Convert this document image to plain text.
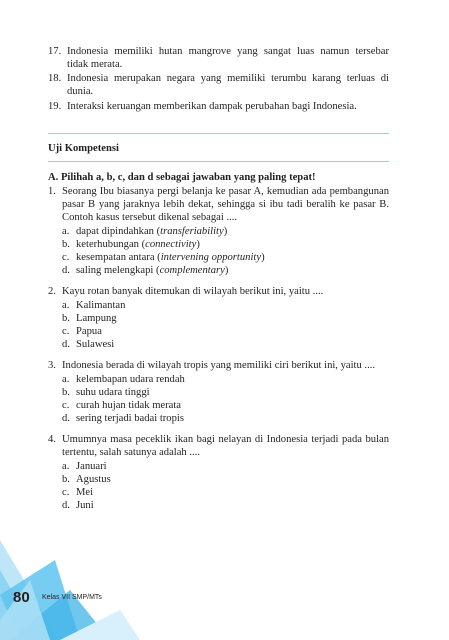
17. Indonesia memiliki hutan mangrove yang sangat luas namun tersebar
tidak merata.
18. Indonesia merupakan negara yang memiliki terumbu karang terluas di
dunia.
19. Interaksi keruangan memberikan dampak perubahan bagi Indonesia.
Uji Kompetensi
A. Pilihah a, b, c, dan d sebagai jawaban yang paling tepat!
1. Seorang Ibu biasanya pergi belanja ke pasar A, kemudian ada pembangunan
pasar B yang jaraknya lebih dekat, sehingga si ibu tadi beralih ke pasar B.
Contoh kasus tersebut dikenal sebagai ....
a. dapat dipindahkan (transferiability)
b. keterhubungan (connectivity)
c. kesempatan antara (intervening opportunity)
d. saling melengkapi (complementary)
2. Kayu rotan banyak ditemukan di wilayah berikut ini, yaitu ....
a. Kalimantan
b. Lampung
c. Papua
d. Sulawesi
3. Indonesia berada di wilayah tropis yang memiliki ciri berikut ini, yaitu ....
a. kelembapan udara rendah
b. suhu udara tinggi
c. curah hujan tidak merata
d. sering terjadi badai tropis
4. Umumnya masa peceklik ikan bagi nelayan di Indonesia terjadi pada bulan
tertentu, salah satunya adalah ....
a. Januari
b. Agustus
c. Mei
d. Juni
80 Kelas VII SMP/MTs
